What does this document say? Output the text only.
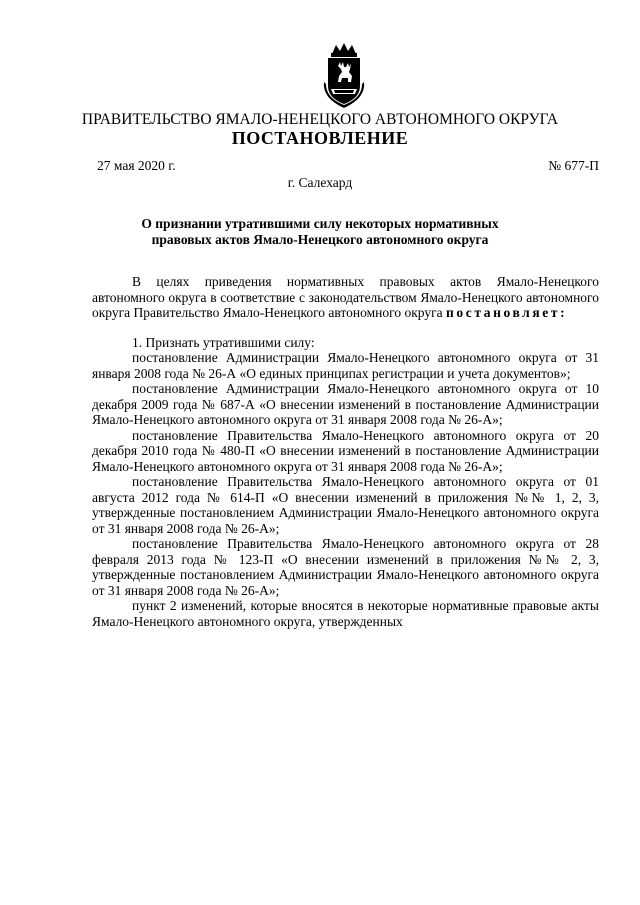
ПРАВИТЕЛЬСТВО ЯМАЛО-НЕНЕЦКОГО АВТОНОМНОГО ОКРУГА
ПОСТАНОВЛЕНИЕ
27 мая 2020 г.	№ 677-П
г. Салехард
О признании утратившими силу некоторых нормативных
правовых актов Ямало-Ненецкого автономного округа

В целях приведения нормативных правовых актов Ямало-Ненецкого автономного округа в соответствие с законодательством Ямало-Ненецкого автономного округа Правительство Ямало-Ненецкого автономного округа постановляет:

1. Признать утратившими силу:

постановление Администрации Ямало-Ненецкого автономного округа от 31 января 2008 года № 26-А «О единых принципах регистрации и учета документов»;

постановление Администрации Ямало-Ненецкого автономного округа от 10 декабря 2009 года № 687-А «О внесении изменений в постановление Администрации Ямало-Ненецкого автономного округа от 31 января 2008 года № 26-А»;

постановление Правительства Ямало-Ненецкого автономного округа от 20 декабря 2010 года № 480-П «О внесении изменений в постановление Администрации Ямало-Ненецкого автономного округа от 31 января 2008 года № 26-А»;

постановление Правительства Ямало-Ненецкого автономного округа от 01 августа 2012 года № 614-П «О внесении изменений в приложения №№ 1, 2, 3, утвержденные постановлением Администрации Ямало-Ненецкого автономного округа от 31 января 2008 года № 26-А»;

постановление Правительства Ямало-Ненецкого автономного округа от 28 февраля 2013 года № 123-П «О внесении изменений в приложения №№ 2, 3, утвержденные постановлением Администрации Ямало-Ненецкого автономного округа от 31 января 2008 года № 26-А»;

пункт 2 изменений, которые вносятся в некоторые нормативные правовые акты Ямало-Ненецкого автономного округа, утвержденных
